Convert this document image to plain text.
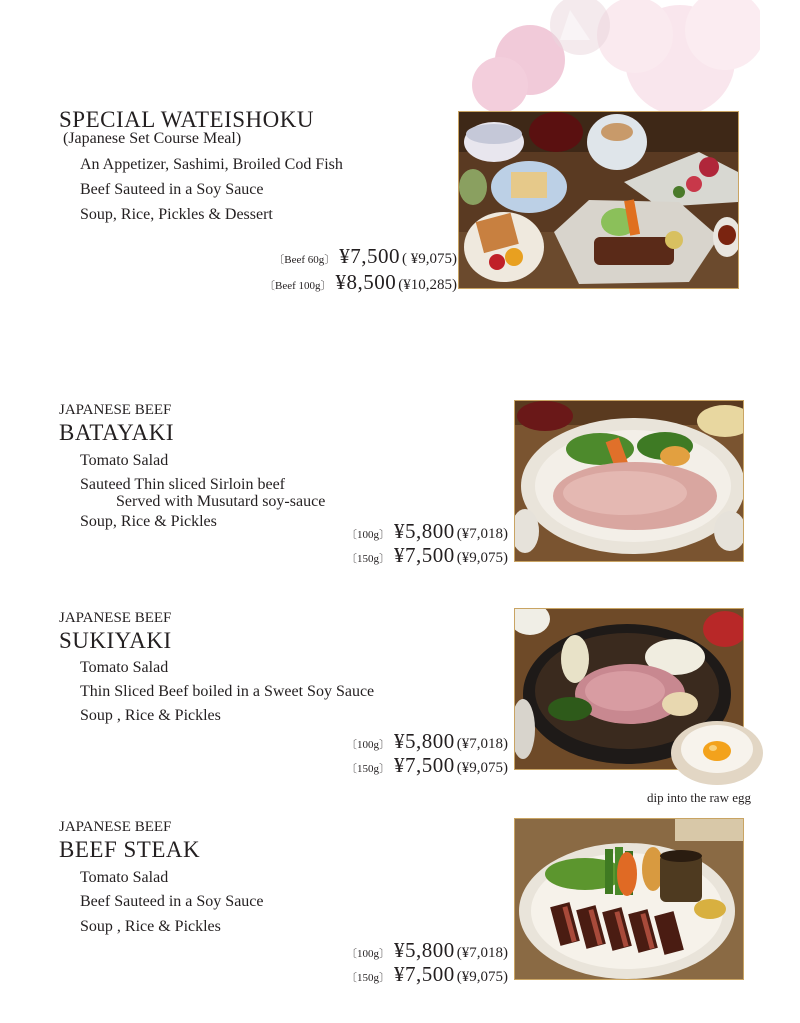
SPECIAL WATEISHOKU
(Japanese Set Course Meal)
An Appetizer, Sashimi, Broiled Cod Fish
Beef Sauteed in a Soy Sauce
Soup, Rice, Pickles & Dessert
〔Beef 60g〕 ¥7,500 ( ¥9,075)
〔Beef 100g〕 ¥8,500 (¥10,285)
JAPANESE BEEF
BATAYAKI
Tomato Salad
Sauteed Thin sliced Sirloin beef
Served with Musutard soy-sauce
Soup, Rice & Pickles
〔100g〕 ¥5,800 (¥7,018)
〔150g〕 ¥7,500 (¥9,075)
JAPANESE BEEF
SUKIYAKI
Tomato Salad
Thin Sliced Beef boiled in a Sweet Soy Sauce
Soup , Rice & Pickles
〔100g〕 ¥5,800 (¥7,018)
〔150g〕 ¥7,500 (¥9,075)
dip into the raw egg
JAPANESE BEEF
BEEF STEAK
Tomato Salad
Beef Sauteed in a Soy Sauce
Soup , Rice & Pickles
〔100g〕 ¥5,800 (¥7,018)
〔150g〕 ¥7,500 (¥9,075)
